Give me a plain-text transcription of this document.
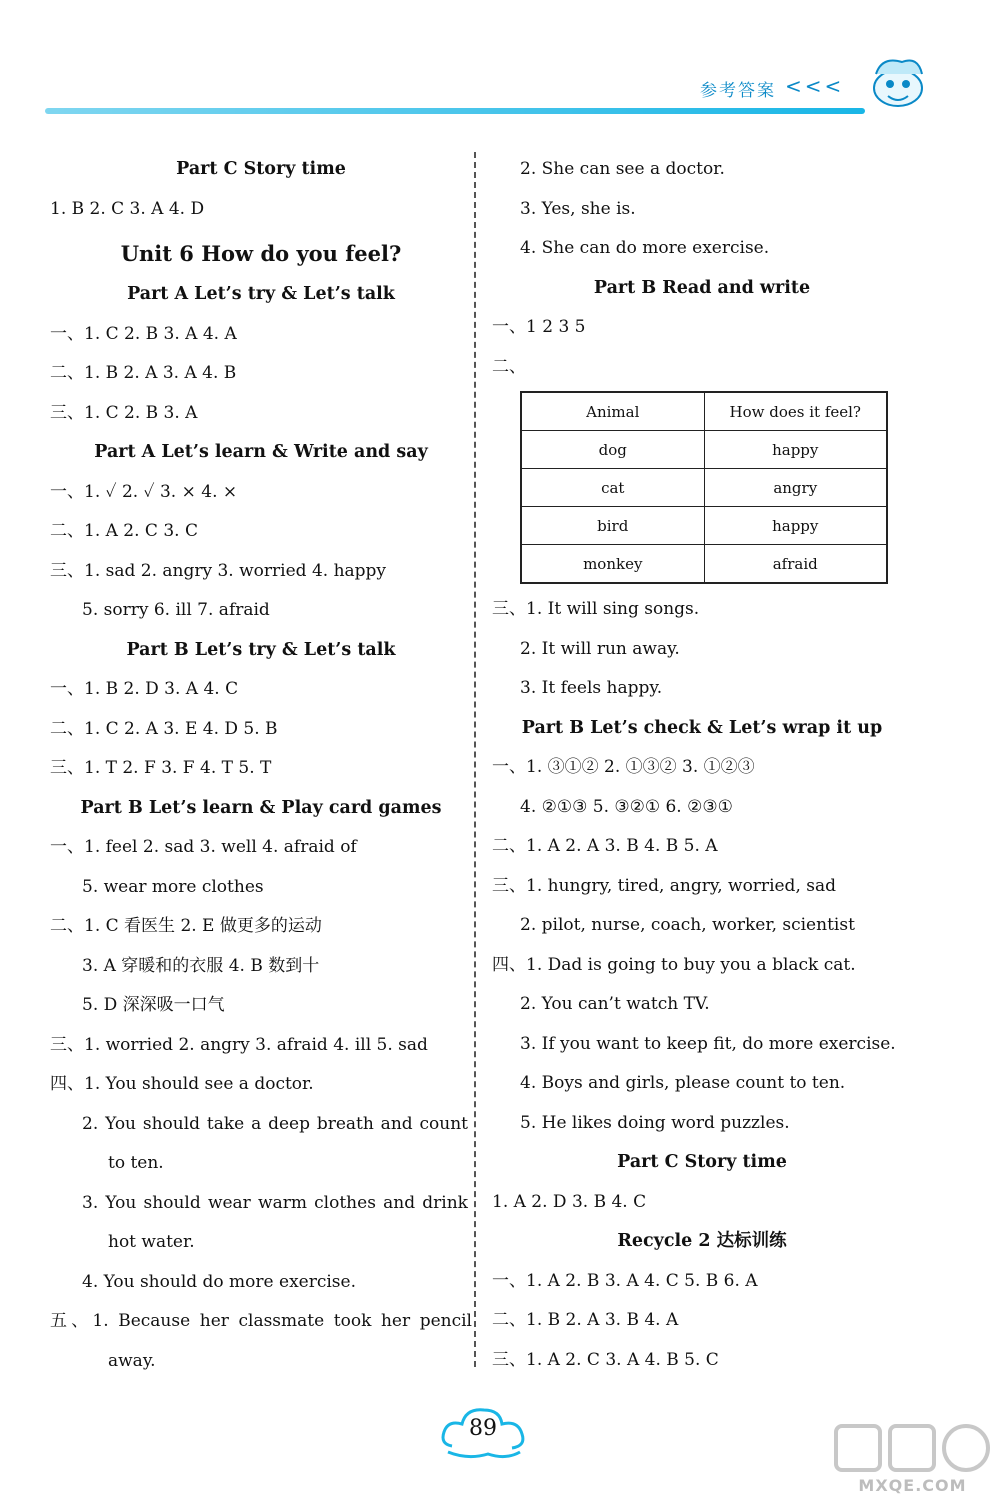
参考答案 <<<
Part C Story time
1. B 2. C 3. A 4. D
Unit 6 How do you feel?
Part A Let’s try & Let’s talk
一、1. C 2. B 3. A 4. A
二、1. B 2. A 3. A 4. B
三、1. C 2. B 3. A
Part A Let’s learn & Write and say
一、1. ✓ 2. ✓ 3. × 4. ×
二、1. A 2. C 3. C
三、1. sad 2. angry 3. worried 4. happy
5. sorry 6. ill 7. afraid
Part B Let’s try & Let’s talk
一、1. B 2. D 3. A 4. C
二、1. C 2. A 3. E 4. D 5. B
三、1. T 2. F 3. F 4. T 5. T
Part B Let’s learn & Play card games
一、1. feel 2. sad 3. well 4. afraid of
5. wear more clothes
二、1. C 看医生 2. E 做更多的运动
3. A 穿暖和的衣服 4. B 数到十
5. D 深深吸一口气
三、1. worried 2. angry 3. afraid 4. ill 5. sad
四、1. You should see a doctor.
2. You should take a deep breath and count
to ten.
3. You should wear warm clothes and drink
hot water.
4. You should do more exercise.
五、1. Because her classmate took her pencil
away.
2. She can see a doctor.
3. Yes, she is.
4. She can do more exercise.
Part B Read and write
一、1 2 3 5
二、
Animal	How does it feel?
dog	happy
cat	angry
bird	happy
monkey	afraid
三、1. It will sing songs.
2. It will run away.
3. It feels happy.
Part B Let’s check & Let’s wrap it up
一、1. ③①② 2. ①③② 3. ①②③
4. ②①③ 5. ③②① 6. ②③①
二、1. A 2. A 3. B 4. B 5. A
三、1. hungry, tired, angry, worried, sad
2. pilot, nurse, coach, worker, scientist
四、1. Dad is going to buy you a black cat.
2. You can’t watch TV.
3. If you want to keep fit, do more exercise.
4. Boys and girls, please count to ten.
5. He likes doing word puzzles.
Part C Story time
1. A 2. D 3. B 4. C
Recycle 2 达标训练
一、1. A 2. B 3. A 4. C 5. B 6. A
二、1. B 2. A 3. B 4. A
三、1. A 2. C 3. A 4. B 5. C
89
MXQE.COM
